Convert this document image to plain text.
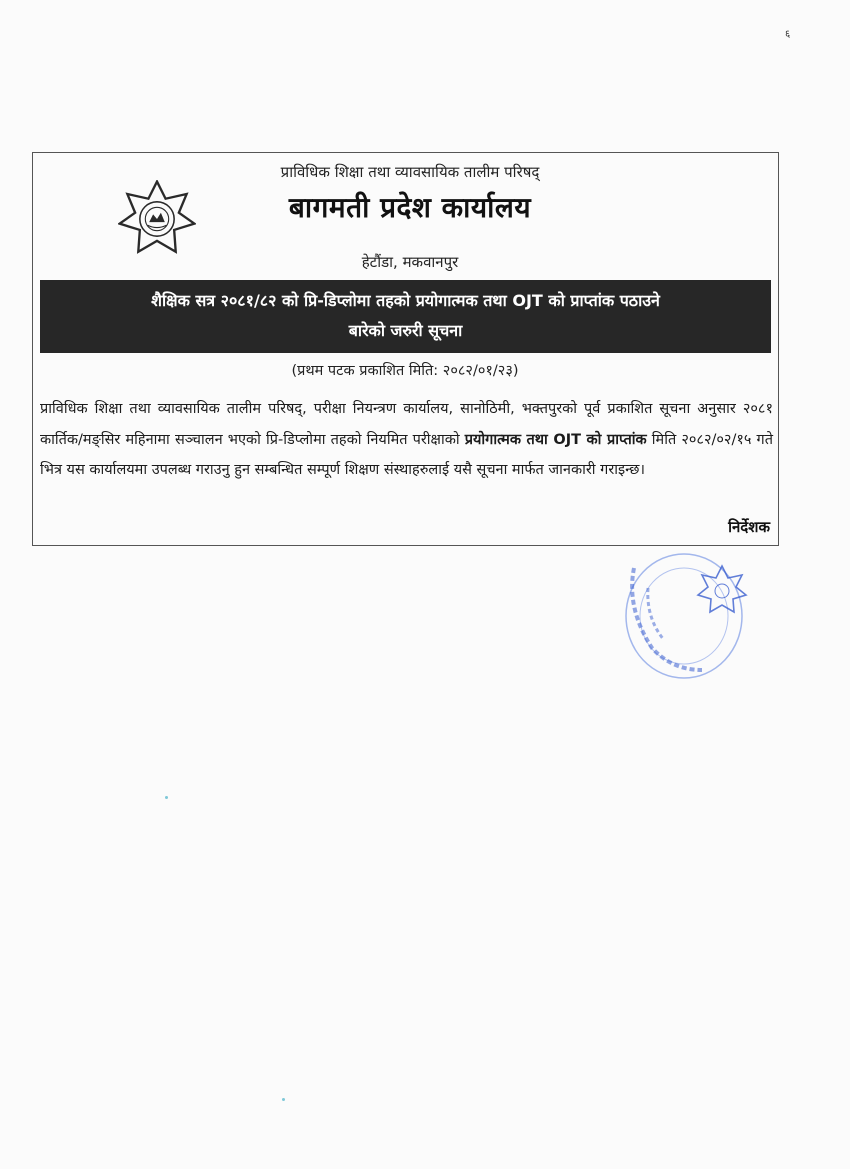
६
प्राविधिक शिक्षा तथा व्यावसायिक तालीम परिषद्
बागमती प्रदेश कार्यालय
हेटौंडा, मकवानपुर
शैक्षिक सत्र २०८१/८२ को प्रि-डिप्लोमा तहको प्रयोगात्मक तथा OJT को प्राप्तांक पठाउने
बारेको जरुरी सूचना
(प्रथम पटक प्रकाशित मिति: २०८२/०१/२३)
प्राविधिक शिक्षा तथा व्यावसायिक तालीम परिषद्, परीक्षा नियन्त्रण कार्यालय, सानोठिमी, भक्तपुरको पूर्व प्रकाशित सूचना अनुसार २०८१ कार्तिक/मङ्सिर महिनामा सञ्चालन भएको प्रि-डिप्लोमा तहको नियमित परीक्षाको प्रयोगात्मक तथा OJT को प्राप्तांक मिति २०८२/०२/१५ गते भित्र यस कार्यालयमा उपलब्ध गराउनु हुन सम्बन्धित सम्पूर्ण शिक्षण संस्थाहरुलाई यसै सूचना मार्फत जानकारी गराइन्छ।
निर्देशक
